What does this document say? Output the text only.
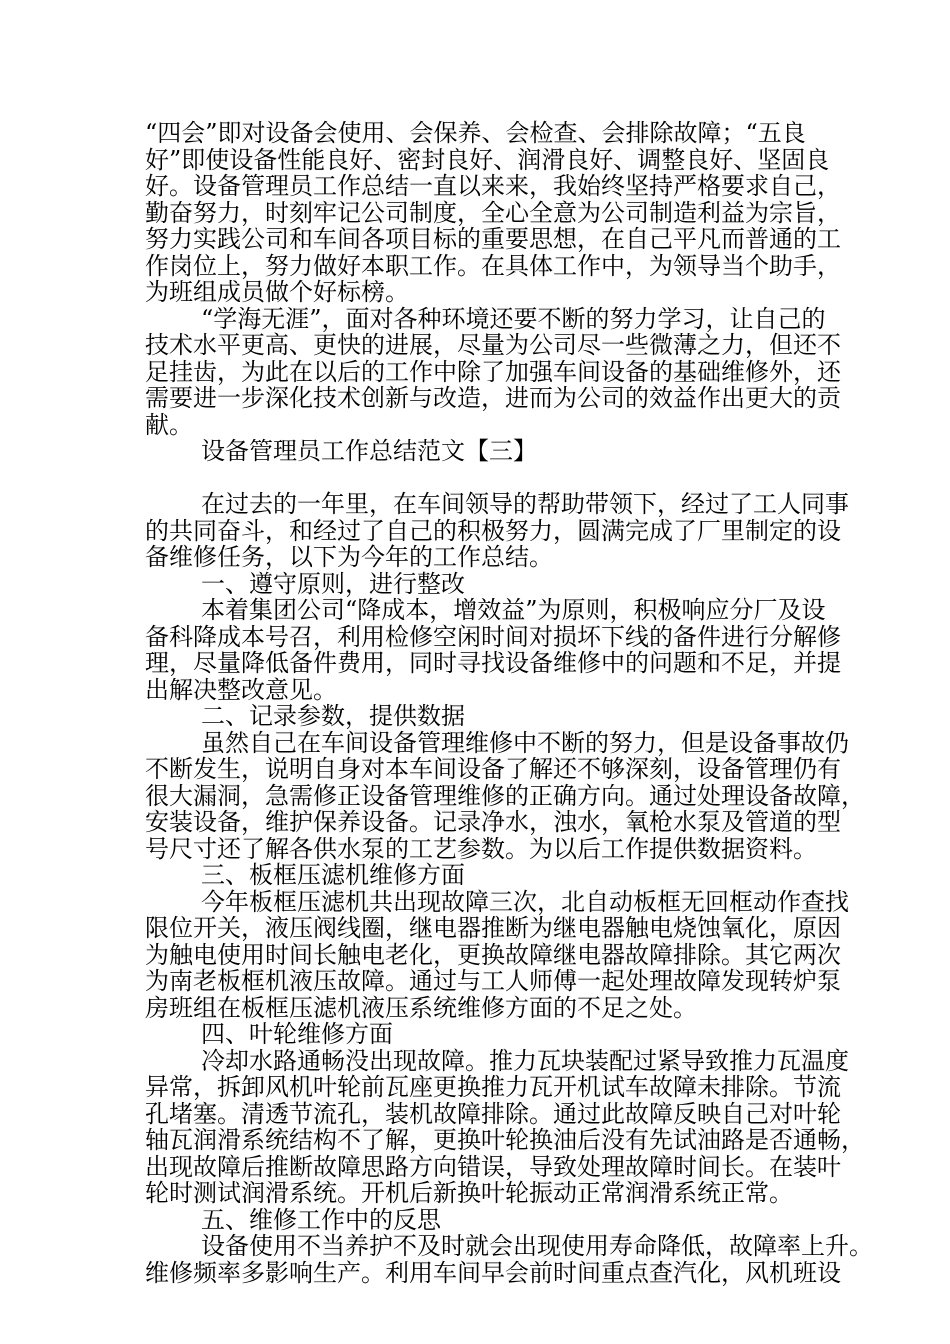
“四会”即对设备会使用、会保养、会检查、会排除故障；“五良

好”即使设备性能良好、密封良好、润滑良好、调整良好、坚固良

好。设备管理员工作总结一直以来来，我始终坚持严格要求自己，

勤奋努力，时刻牢记公司制度，全心全意为公司制造利益为宗旨，

努力实践公司和车间各项目标的重要思想，在自己平凡而普通的工

作岗位上，努力做好本职工作。在具体工作中，为领导当个助手，

为班组成员做个好标榜。

“学海无涯”，面对各种环境还要不断的努力学习，让自己的

技术水平更高、更快的进展，尽量为公司尽一些微薄之力，但还不

足挂齿，为此在以后的工作中除了加强车间设备的基础维修外，还

需要进一步深化技术创新与改造，进而为公司的效益作出更大的贡

献。

设备管理员工作总结范文【三】

在过去的一年里，在车间领导的帮助带领下，经过了工人同事

的共同奋斗，和经过了自己的积极努力，圆满完成了厂里制定的设

备维修任务，以下为今年的工作总结。

一、遵守原则，进行整改

本着集团公司“降成本，增效益”为原则，积极响应分厂及设

备科降成本号召，利用检修空闲时间对损坏下线的备件进行分解修

理，尽量降低备件费用，同时寻找设备维修中的问题和不足，并提

出解决整改意见。

二、记录参数，提供数据

虽然自己在车间设备管理维修中不断的努力，但是设备事故仍

不断发生，说明自身对本车间设备了解还不够深刻，设备管理仍有

很大漏洞，急需修正设备管理维修的正确方向。通过处理设备故障，

安装设备，维护保养设备。记录净水，浊水，氧枪水泵及管道的型

号尺寸还了解各供水泵的工艺参数。为以后工作提供数据资料。

三、板框压滤机维修方面

今年板框压滤机共出现故障三次，北自动板框无回框动作查找

限位开关，液压阀线圈，继电器推断为继电器触电烧蚀氧化，原因

为触电使用时间长触电老化，更换故障继电器故障排除。其它两次

为南老板框机液压故障。通过与工人师傅一起处理故障发现转炉泵

房班组在板框压滤机液压系统维修方面的不足之处。

四、叶轮维修方面

冷却水路通畅没出现故障。推力瓦块装配过紧导致推力瓦温度

异常，拆卸风机叶轮前瓦座更换推力瓦开机试车故障未排除。节流

孔堵塞。清透节流孔，装机故障排除。通过此故障反映自己对叶轮

轴瓦润滑系统结构不了解，更换叶轮换油后没有先试油路是否通畅，

出现故障后推断故障思路方向错误，导致处理故障时间长。在装叶

轮时测试润滑系统。开机后新换叶轮振动正常润滑系统正常。

五、维修工作中的反思

设备使用不当养护不及时就会出现使用寿命降低，故障率上升。

维修频率多影响生产。利用车间早会前时间重点查汽化，风机班设
